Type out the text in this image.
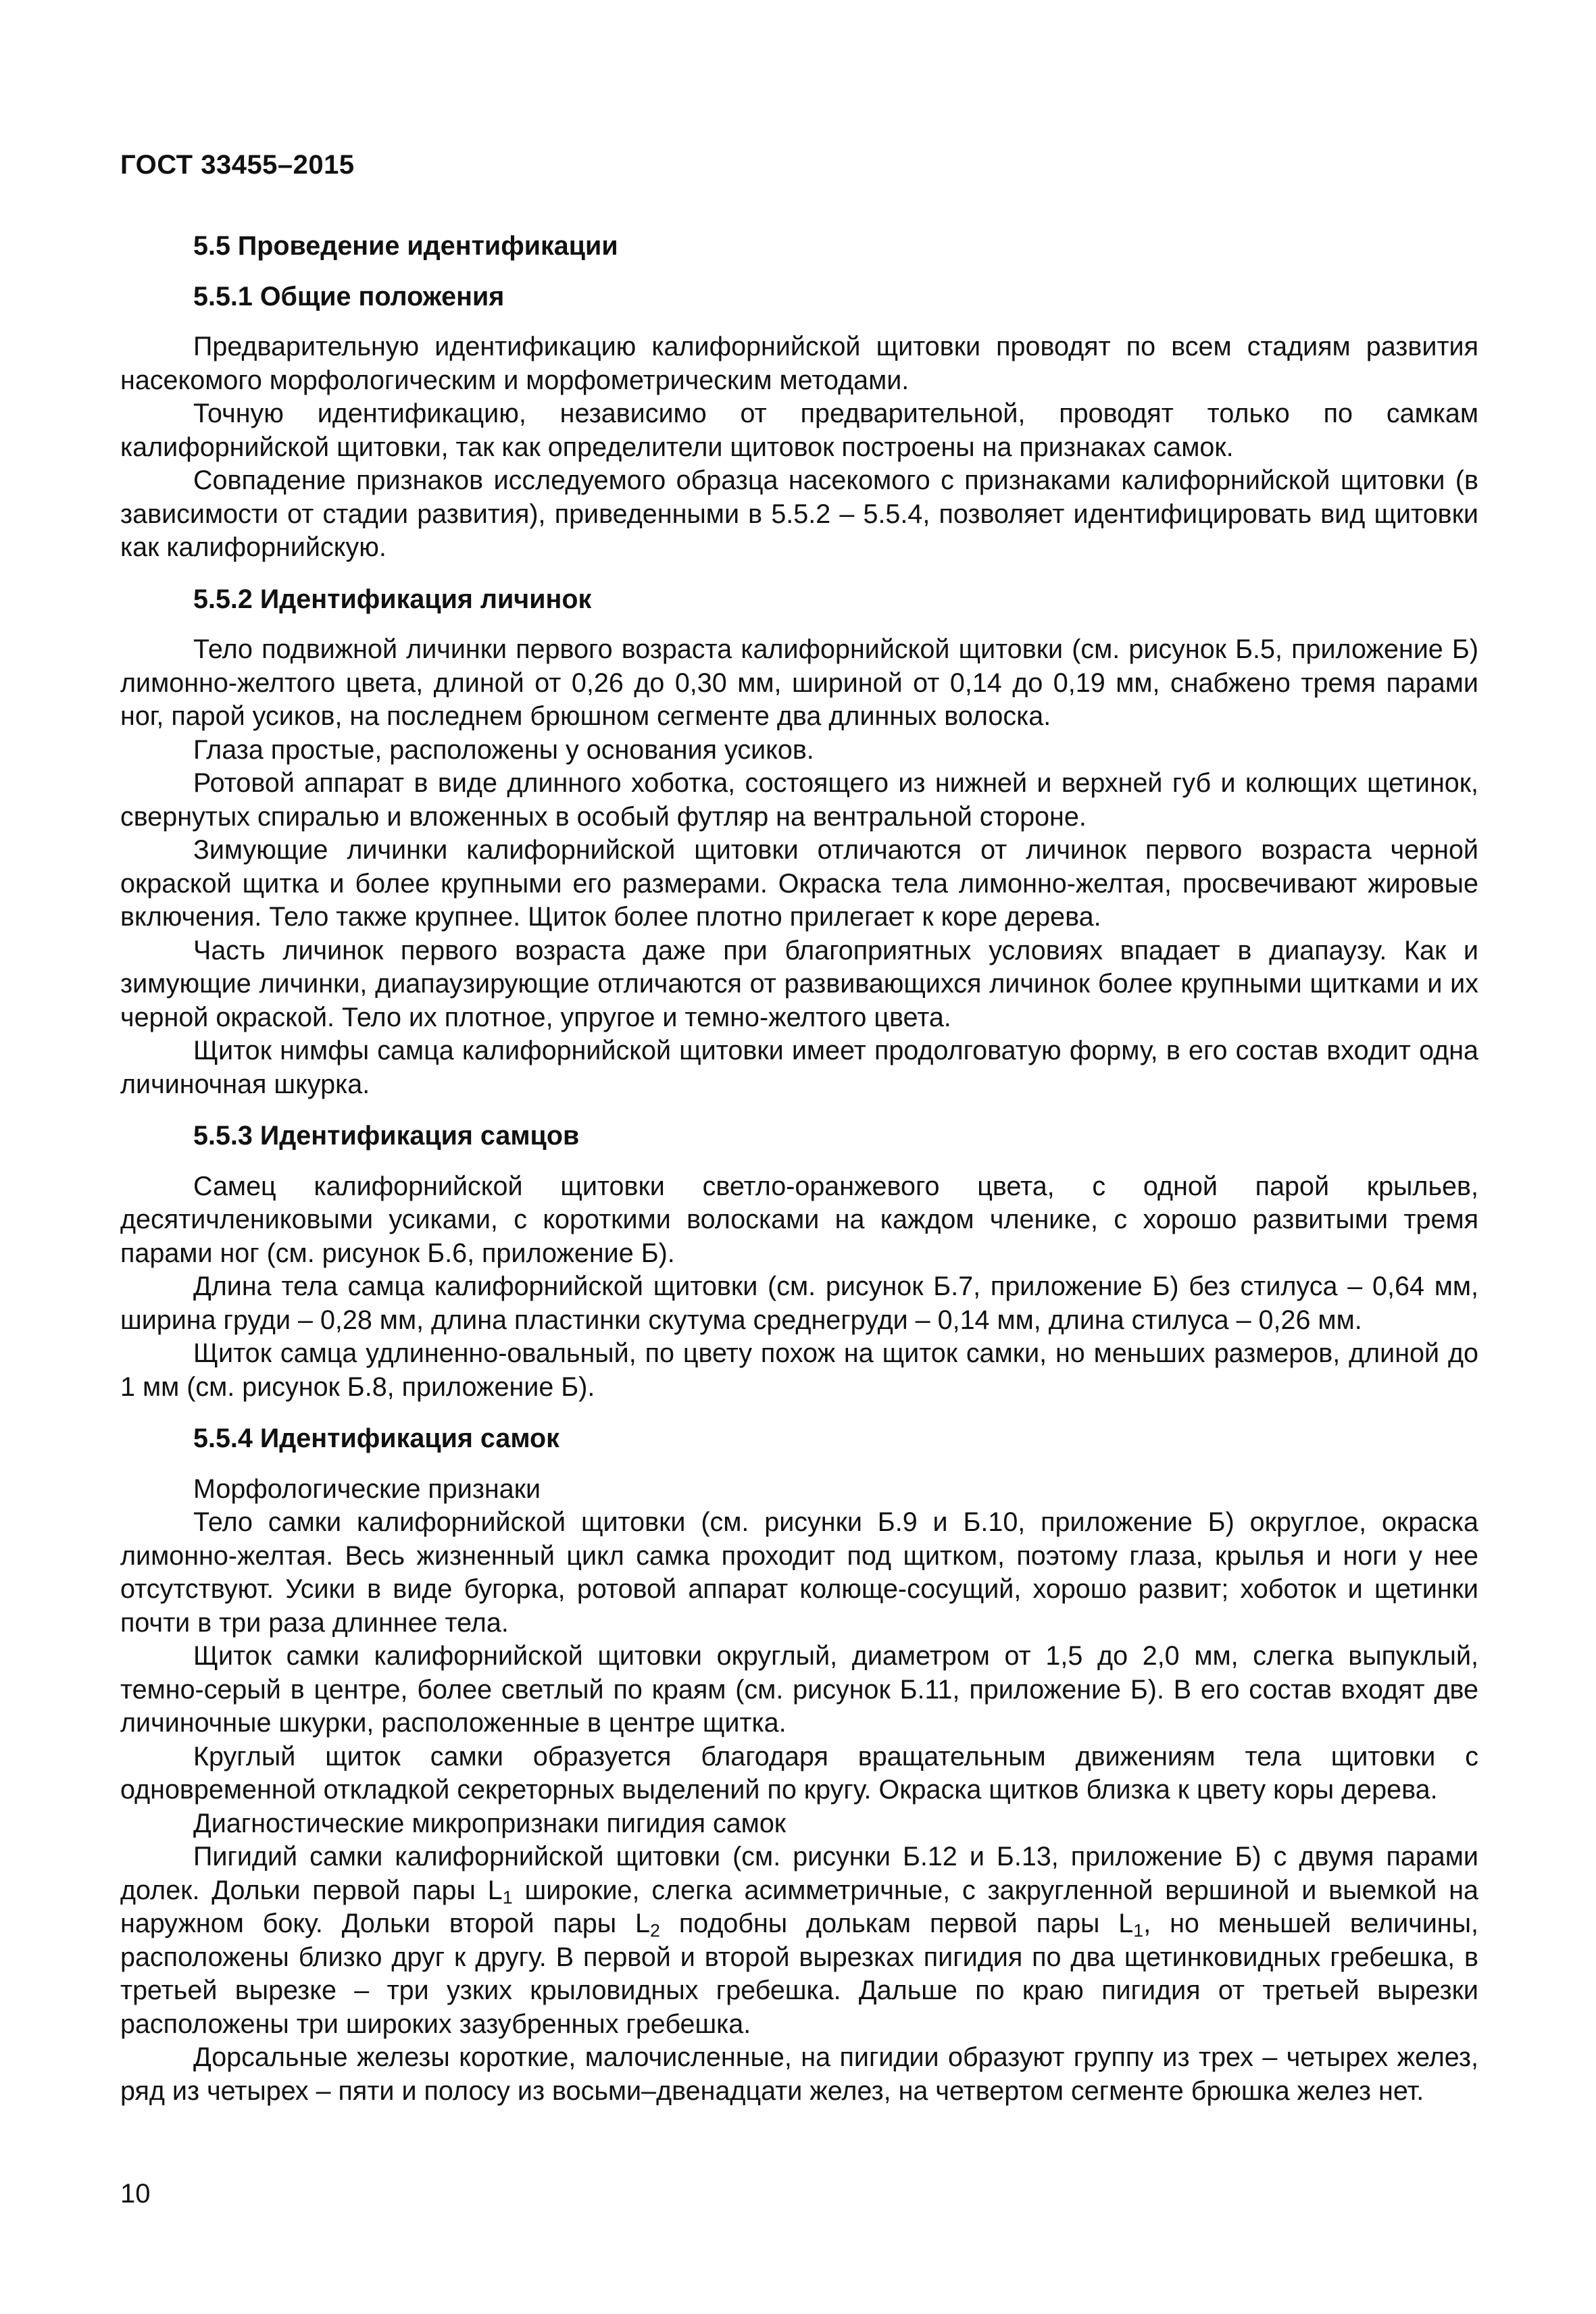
ГОСТ 33455–2015

5.5 Проведение идентификации

5.5.1 Общие положения

Предварительную идентификацию калифорнийской щитовки проводят по всем стадиям развития насекомого морфологическим и морфометрическим методами.

Точную идентификацию, независимо от предварительной, проводят только по самкам калифорнийской щитовки, так как определители щитовок построены на признаках самок.

Совпадение признаков исследуемого образца насекомого с признаками калифорнийской щитовки (в зависимости от стадии развития), приведенными в 5.5.2 – 5.5.4, позволяет идентифицировать вид щитовки как калифорнийскую.

5.5.2 Идентификация личинок

Тело подвижной личинки первого возраста калифорнийской щитовки (см. рисунок Б.5, приложение Б) лимонно-желтого цвета, длиной от 0,26 до 0,30 мм, шириной от 0,14 до 0,19 мм, снабжено тремя парами ног, парой усиков, на последнем брюшном сегменте два длинных волоска.

Глаза простые, расположены у основания усиков.

Ротовой аппарат в виде длинного хоботка, состоящего из нижней и верхней губ и колющих щетинок, свернутых спиралью и вложенных в особый футляр на вентральной стороне.

Зимующие личинки калифорнийской щитовки отличаются от личинок первого возраста черной окраской щитка и более крупными его размерами. Окраска тела лимонно-желтая, просвечивают жировые включения. Тело также крупнее. Щиток более плотно прилегает к коре дерева.

Часть личинок первого возраста даже при благоприятных условиях впадает в диапаузу. Как и зимующие личинки, диапаузирующие отличаются от развивающихся личинок более крупными щитками и их черной окраской. Тело их плотное, упругое и темно-желтого цвета.

Щиток нимфы самца калифорнийской щитовки имеет продолговатую форму, в его состав входит одна личиночная шкурка.

5.5.3 Идентификация самцов

Самец калифорнийской щитовки светло-оранжевого цвета, с одной парой крыльев, десятичлениковыми усиками, с короткими волосками на каждом членике, с хорошо развитыми тремя парами ног (см. рисунок Б.6, приложение Б).

Длина тела самца калифорнийской щитовки (см. рисунок Б.7, приложение Б) без стилуса – 0,64 мм, ширина груди – 0,28 мм, длина пластинки скутума среднегруди – 0,14 мм, длина стилуса – 0,26 мм.

Щиток самца удлиненно-овальный, по цвету похож на щиток самки, но меньших размеров, длиной до 1 мм (см. рисунок Б.8, приложение Б).

5.5.4 Идентификация самок

Морфологические признаки

Тело самки калифорнийской щитовки (см. рисунки Б.9 и Б.10, приложение Б) округлое, окраска лимонно-желтая. Весь жизненный цикл самка проходит под щитком, поэтому глаза, крылья и ноги у нее отсутствуют. Усики в виде бугорка, ротовой аппарат колюще-сосущий, хорошо развит; хоботок и щетинки почти в три раза длиннее тела.

Щиток самки калифорнийской щитовки округлый, диаметром от 1,5 до 2,0 мм, слегка выпуклый, темно-серый в центре, более светлый по краям (см. рисунок Б.11, приложение Б). В его состав входят две личиночные шкурки, расположенные в центре щитка.

Круглый щиток самки образуется благодаря вращательным движениям тела щитовки с одновременной откладкой секреторных выделений по кругу. Окраска щитков близка к цвету коры дерева.

Диагностические микропризнаки пигидия самок

Пигидий самки калифорнийской щитовки (см. рисунки Б.12 и Б.13, приложение Б) с двумя парами долек. Дольки первой пары $L_1$ широкие, слегка асимметричные, с закругленной вершиной и выемкой на наружном боку. Дольки второй пары $L_2$ подобны долькам первой пары $L_1$, но меньшей величины, расположены близко друг к другу. В первой и второй вырезках пигидия по два щетинковидных гребешка, в третьей вырезке – три узких крыловидных гребешка. Дальше по краю пигидия от третьей вырезки расположены три широких зазубренных гребешка.

Дорсальные железы короткие, малочисленные, на пигидии образуют группу из трех – четырех желез, ряд из четырех – пяти и полосу из восьми–двенадцати желез, на четвертом сегменте брюшка желез нет.

10
